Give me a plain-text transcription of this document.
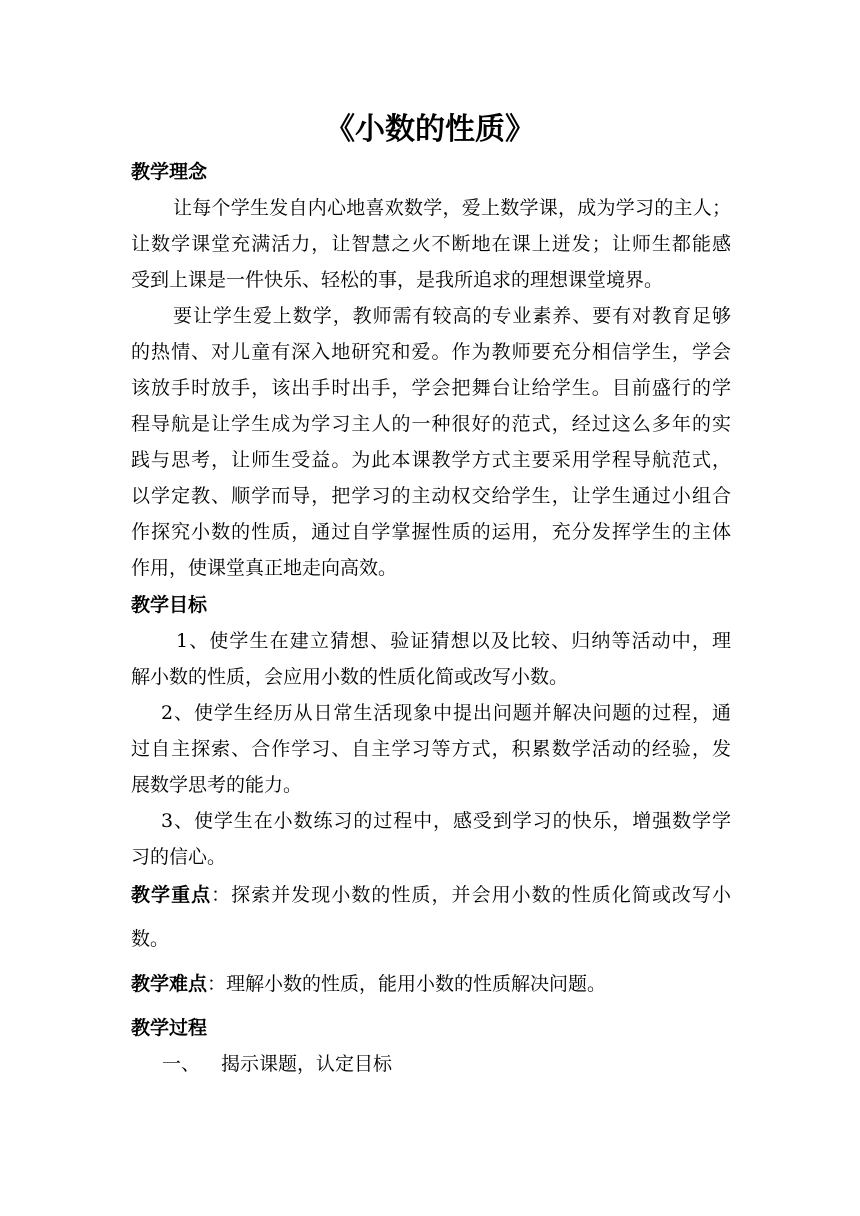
《小数的性质》
教学理念
让每个学生发自内心地喜欢数学，爱上数学课，成为学习的主人；
让数学课堂充满活力，让智慧之火不断地在课上迸发；让师生都能感
受到上课是一件快乐、轻松的事，是我所追求的理想课堂境界。
要让学生爱上数学，教师需有较高的专业素养、要有对教育足够
的热情、对儿童有深入地研究和爱。作为教师要充分相信学生，学会
该放手时放手，该出手时出手，学会把舞台让给学生。目前盛行的学
程导航是让学生成为学习主人的一种很好的范式，经过这么多年的实
践与思考，让师生受益。为此本课教学方式主要采用学程导航范式，
以学定教、顺学而导，把学习的主动权交给学生，让学生通过小组合
作探究小数的性质，通过自学掌握性质的运用，充分发挥学生的主体
作用，使课堂真正地走向高效。
教学目标
1、使学生在建立猜想、验证猜想以及比较、归纳等活动中，理
解小数的性质，会应用小数的性质化简或改写小数。
2、使学生经历从日常生活现象中提出问题并解决问题的过程，通
过自主探索、合作学习、自主学习等方式，积累数学活动的经验，发
展数学思考的能力。
3、使学生在小数练习的过程中，感受到学习的快乐，增强数学学
习的信心。
教学重点：探索并发现小数的性质，并会用小数的性质化简或改写小
数。
教学难点：理解小数的性质，能用小数的性质解决问题。
教学过程
一、	揭示课题，认定目标
